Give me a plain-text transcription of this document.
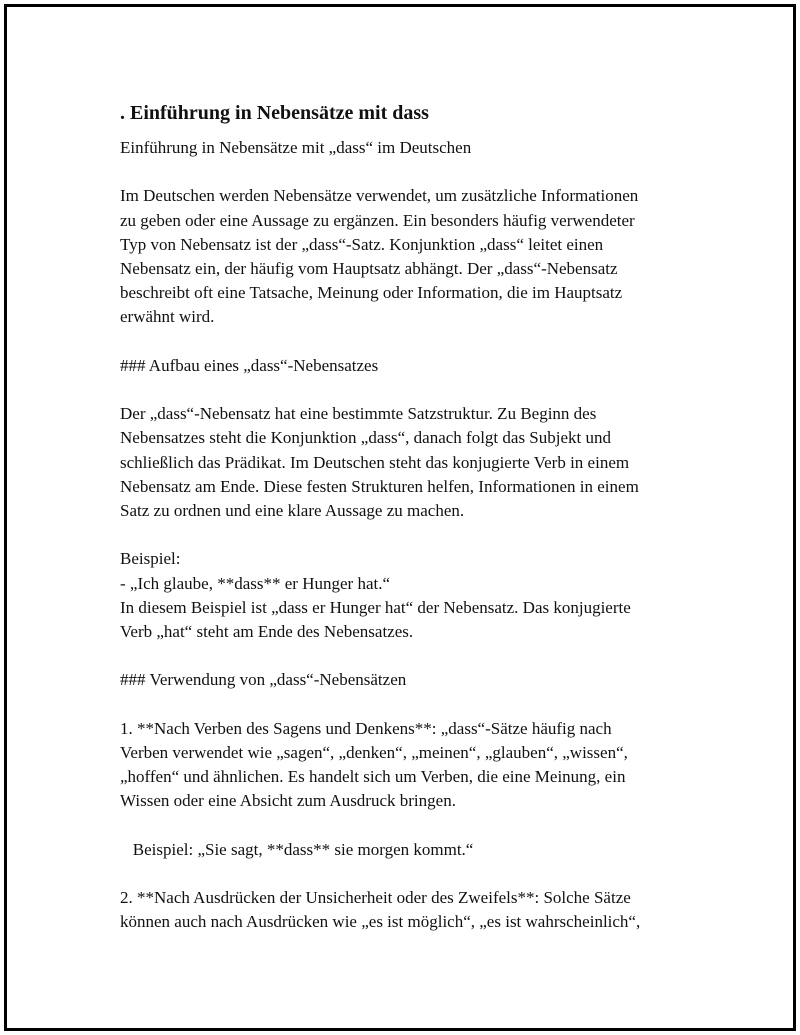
. Einführung in Nebensätze mit dass
Einführung in Nebensätze mit „dass“ im Deutschen
Im Deutschen werden Nebensätze verwendet, um zusätzliche Informationen
zu geben oder eine Aussage zu ergänzen. Ein besonders häufig verwendeter
Typ von Nebensatz ist der „dass“-Satz. Konjunktion „dass“ leitet einen
Nebensatz ein, der häufig vom Hauptsatz abhängt. Der „dass“-Nebensatz
beschreibt oft eine Tatsache, Meinung oder Information, die im Hauptsatz
erwähnt wird.
### Aufbau eines „dass“-Nebensatzes
Der „dass“-Nebensatz hat eine bestimmte Satzstruktur. Zu Beginn des
Nebensatzes steht die Konjunktion „dass“, danach folgt das Subjekt und
schließlich das Prädikat. Im Deutschen steht das konjugierte Verb in einem
Nebensatz am Ende. Diese festen Strukturen helfen, Informationen in einem
Satz zu ordnen und eine klare Aussage zu machen.
Beispiel:
- „Ich glaube, **dass** er Hunger hat.“
In diesem Beispiel ist „dass er Hunger hat“ der Nebensatz. Das konjugierte
Verb „hat“ steht am Ende des Nebensatzes.
### Verwendung von „dass“-Nebensätzen
1. **Nach Verben des Sagens und Denkens**: „dass“-Sätze häufig nach
Verben verwendet wie „sagen“, „denken“, „meinen“, „glauben“, „wissen“,
„hoffen“ und ähnlichen. Es handelt sich um Verben, die eine Meinung, ein
Wissen oder eine Absicht zum Ausdruck bringen.
Beispiel: „Sie sagt, **dass** sie morgen kommt.“
2. **Nach Ausdrücken der Unsicherheit oder des Zweifels**: Solche Sätze
können auch nach Ausdrücken wie „es ist möglich“, „es ist wahrscheinlich“,
